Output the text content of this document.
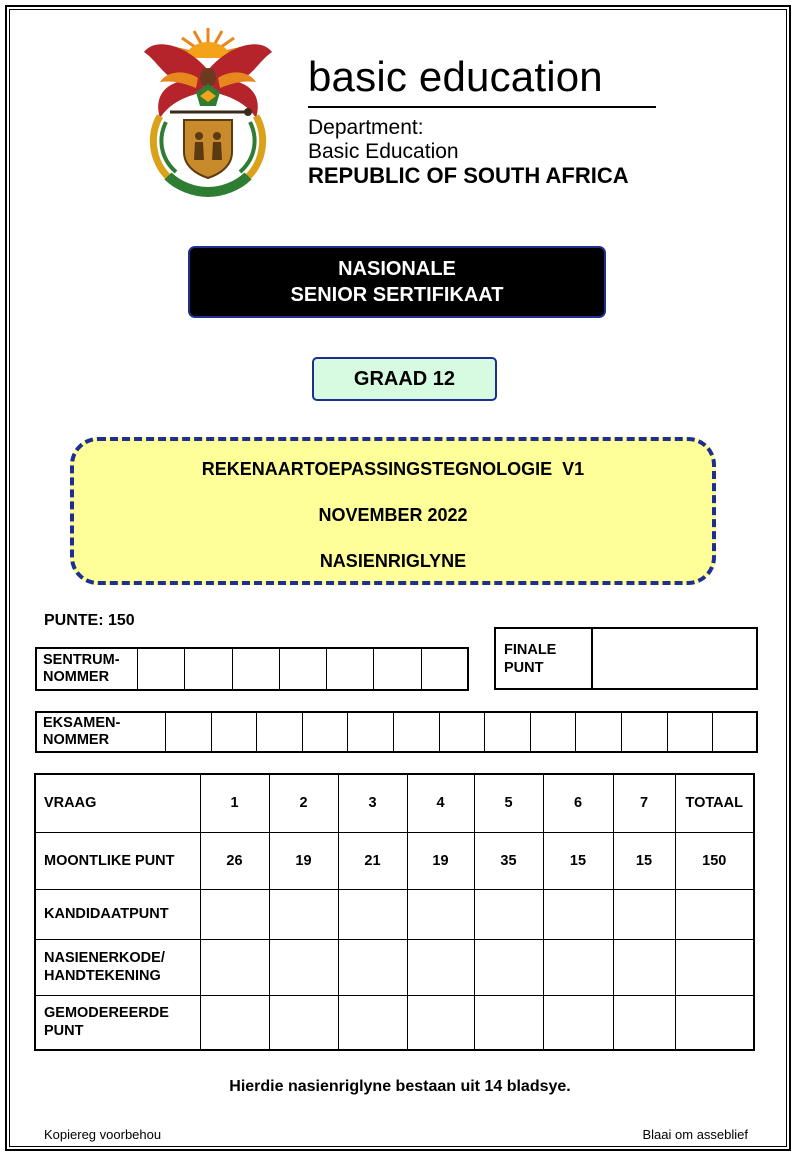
basic education
Department:
Basic Education
REPUBLIC OF SOUTH AFRICA
NASIONALE
SENIOR SERTIFIKAAT
GRAAD 12
REKENAARTOEPASSINGSTEGNOLOGIE  V1
NOVEMBER 2022
NASIENRIGLYNE
PUNTE: 150
SENTRUM-
NOMMER
FINALE
PUNT
EKSAMEN-
NOMMER
VRAAG	1	2	3	4	5	6	7	TOTAAL
MOONTLIKE PUNT	26	19	21	19	35	15	15	150
KANDIDAATPUNT								

NASIENERKODE/
HANDTEKENING								

GEMODEREERDE
PUNT								

Hierdie nasienriglyne bestaan uit 14 bladsye.
Kopiereg voorbehou	Blaai om asseblief
